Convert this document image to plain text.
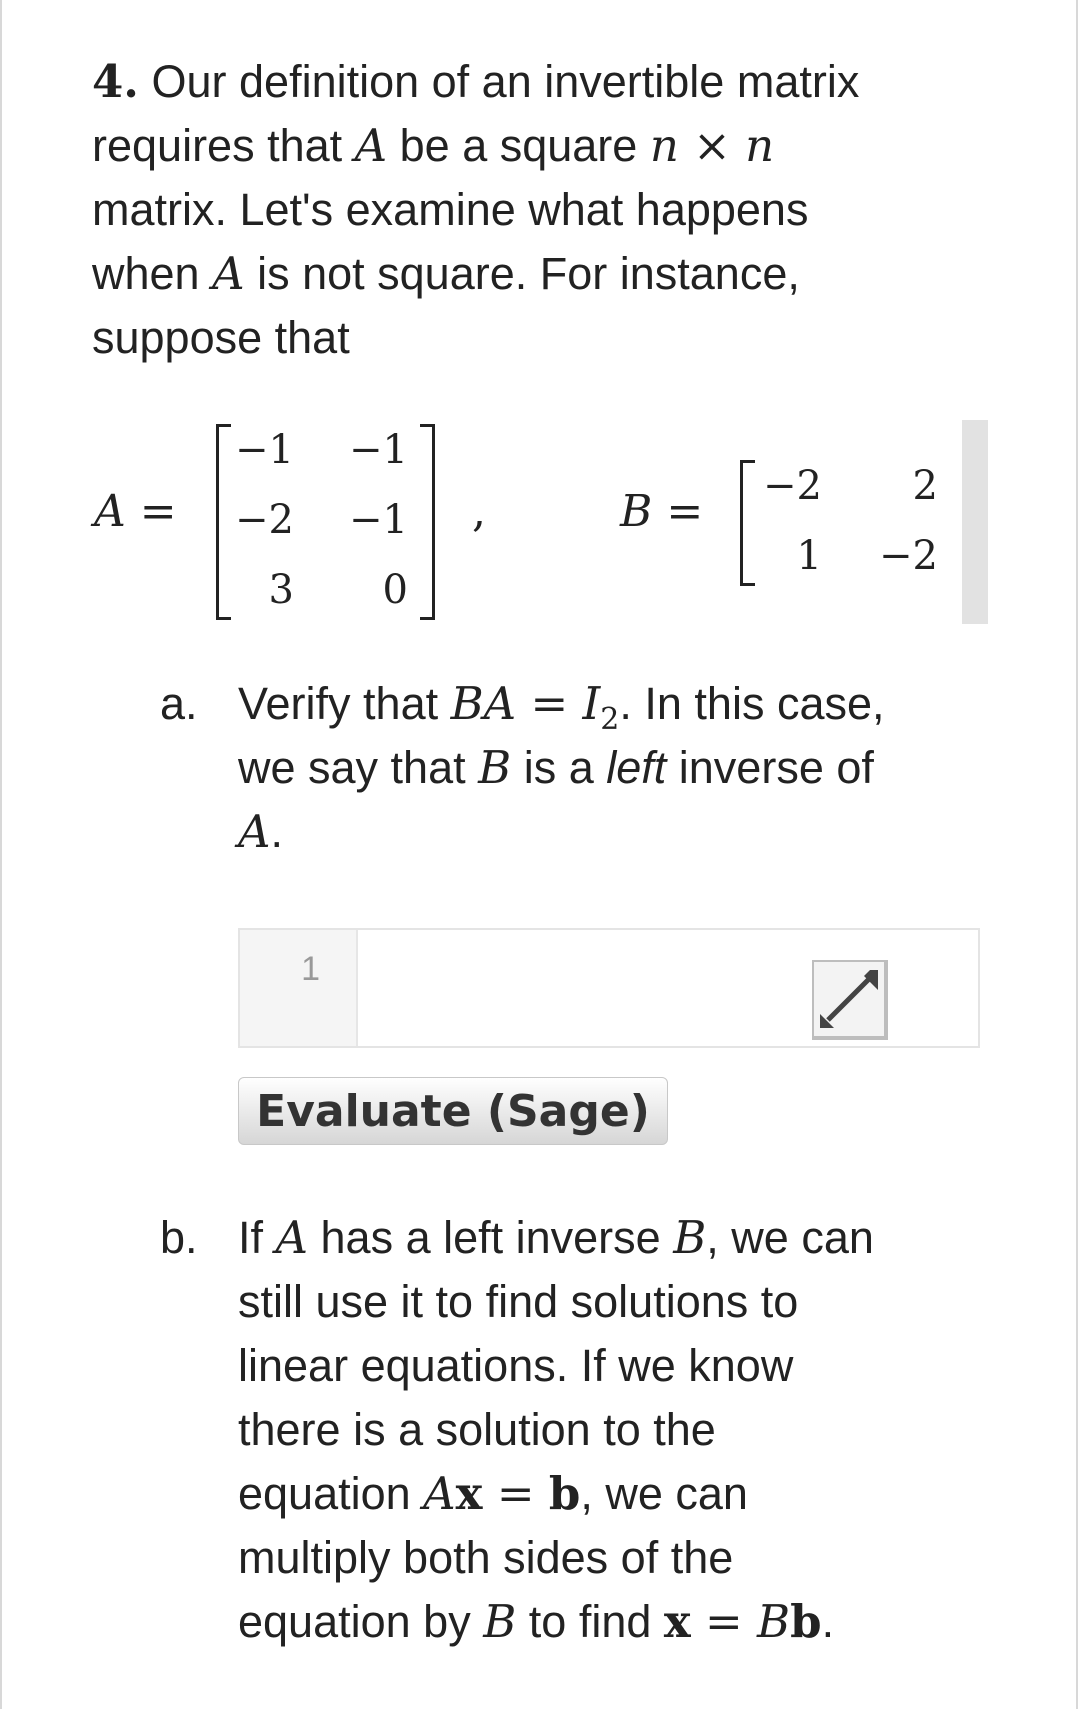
4. Our definition of an invertible matrix
requires that A be a square n × n
matrix. Let's examine what happens
when A is not square. For instance,
suppose that
A =
−1	−1
−2	−1
3	0
,	B =	−2	2
1	−2
a. Verify that BA = $I_2$. In this case,
we say that B is a left inverse of
A.
1
Evaluate (Sage)
b. If A has a left inverse B, we can
still use it to find solutions to
linear equations. If we know
there is a solution to the
equation Ax = b, we can
multiply both sides of the
equation by B to find x = Bb.
